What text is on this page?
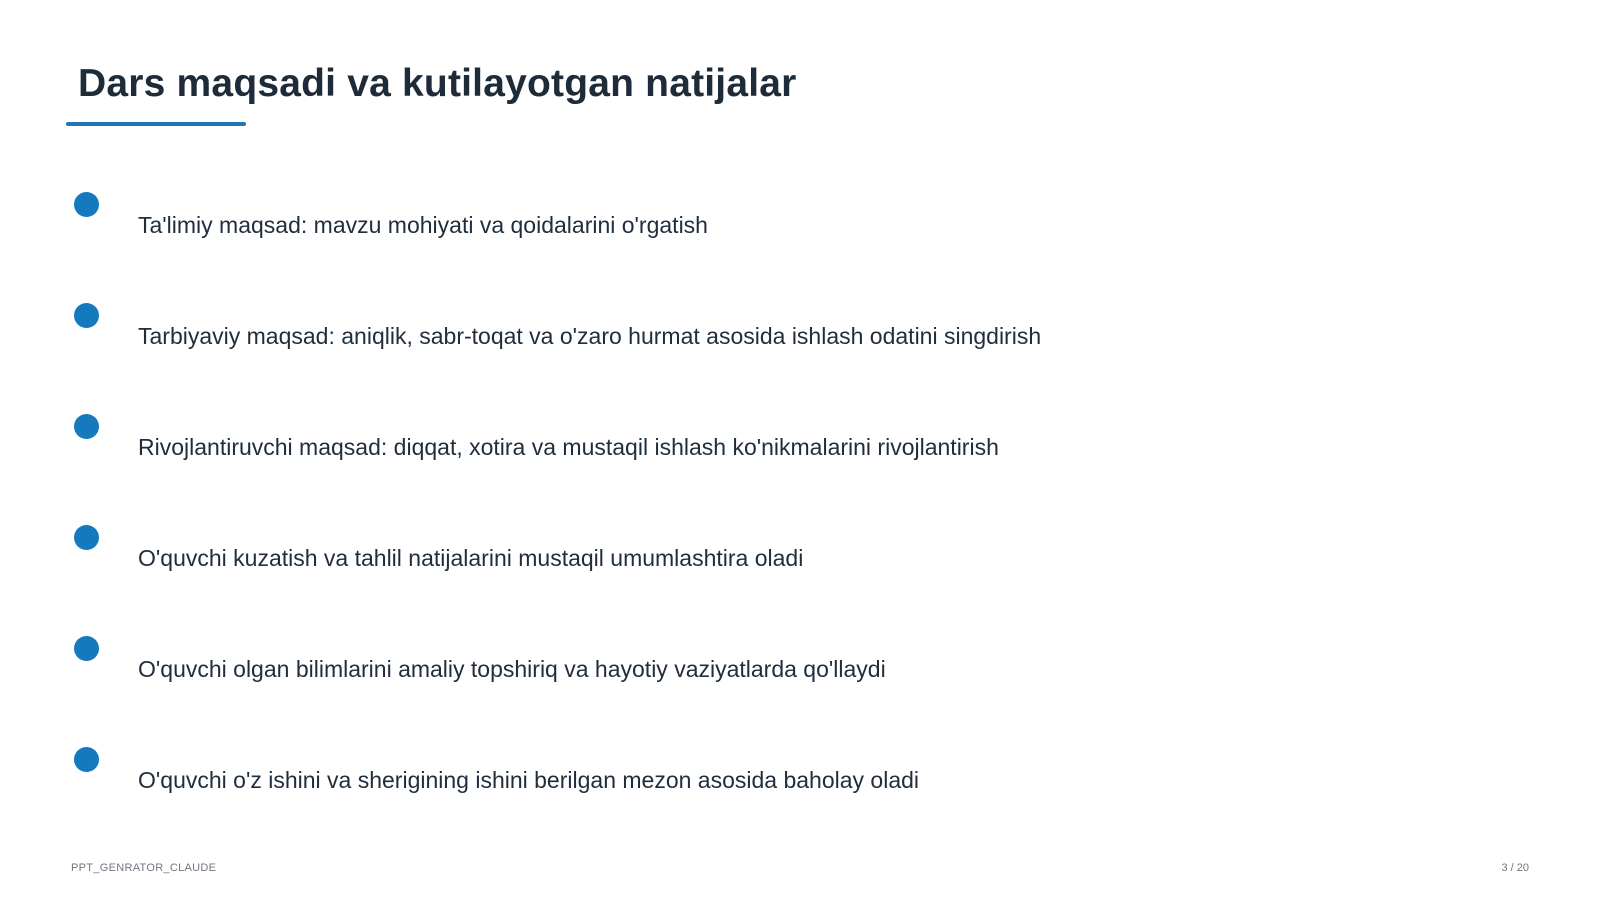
Dars maqsadi va kutilayotgan natijalar
Ta'limiy maqsad: mavzu mohiyati va qoidalarini o'rgatish
Tarbiyaviy maqsad: aniqlik, sabr-toqat va o'zaro hurmat asosida ishlash odatini singdirish
Rivojlantiruvchi maqsad: diqqat, xotira va mustaqil ishlash ko'nikmalarini rivojlantirish
O'quvchi kuzatish va tahlil natijalarini mustaqil umumlashtira oladi
O'quvchi olgan bilimlarini amaliy topshiriq va hayotiy vaziyatlarda qo'llaydi
O'quvchi o'z ishini va sherigining ishini berilgan mezon asosida baholay oladi
PPT_GENRATOR_CLAUDE	3 / 20
